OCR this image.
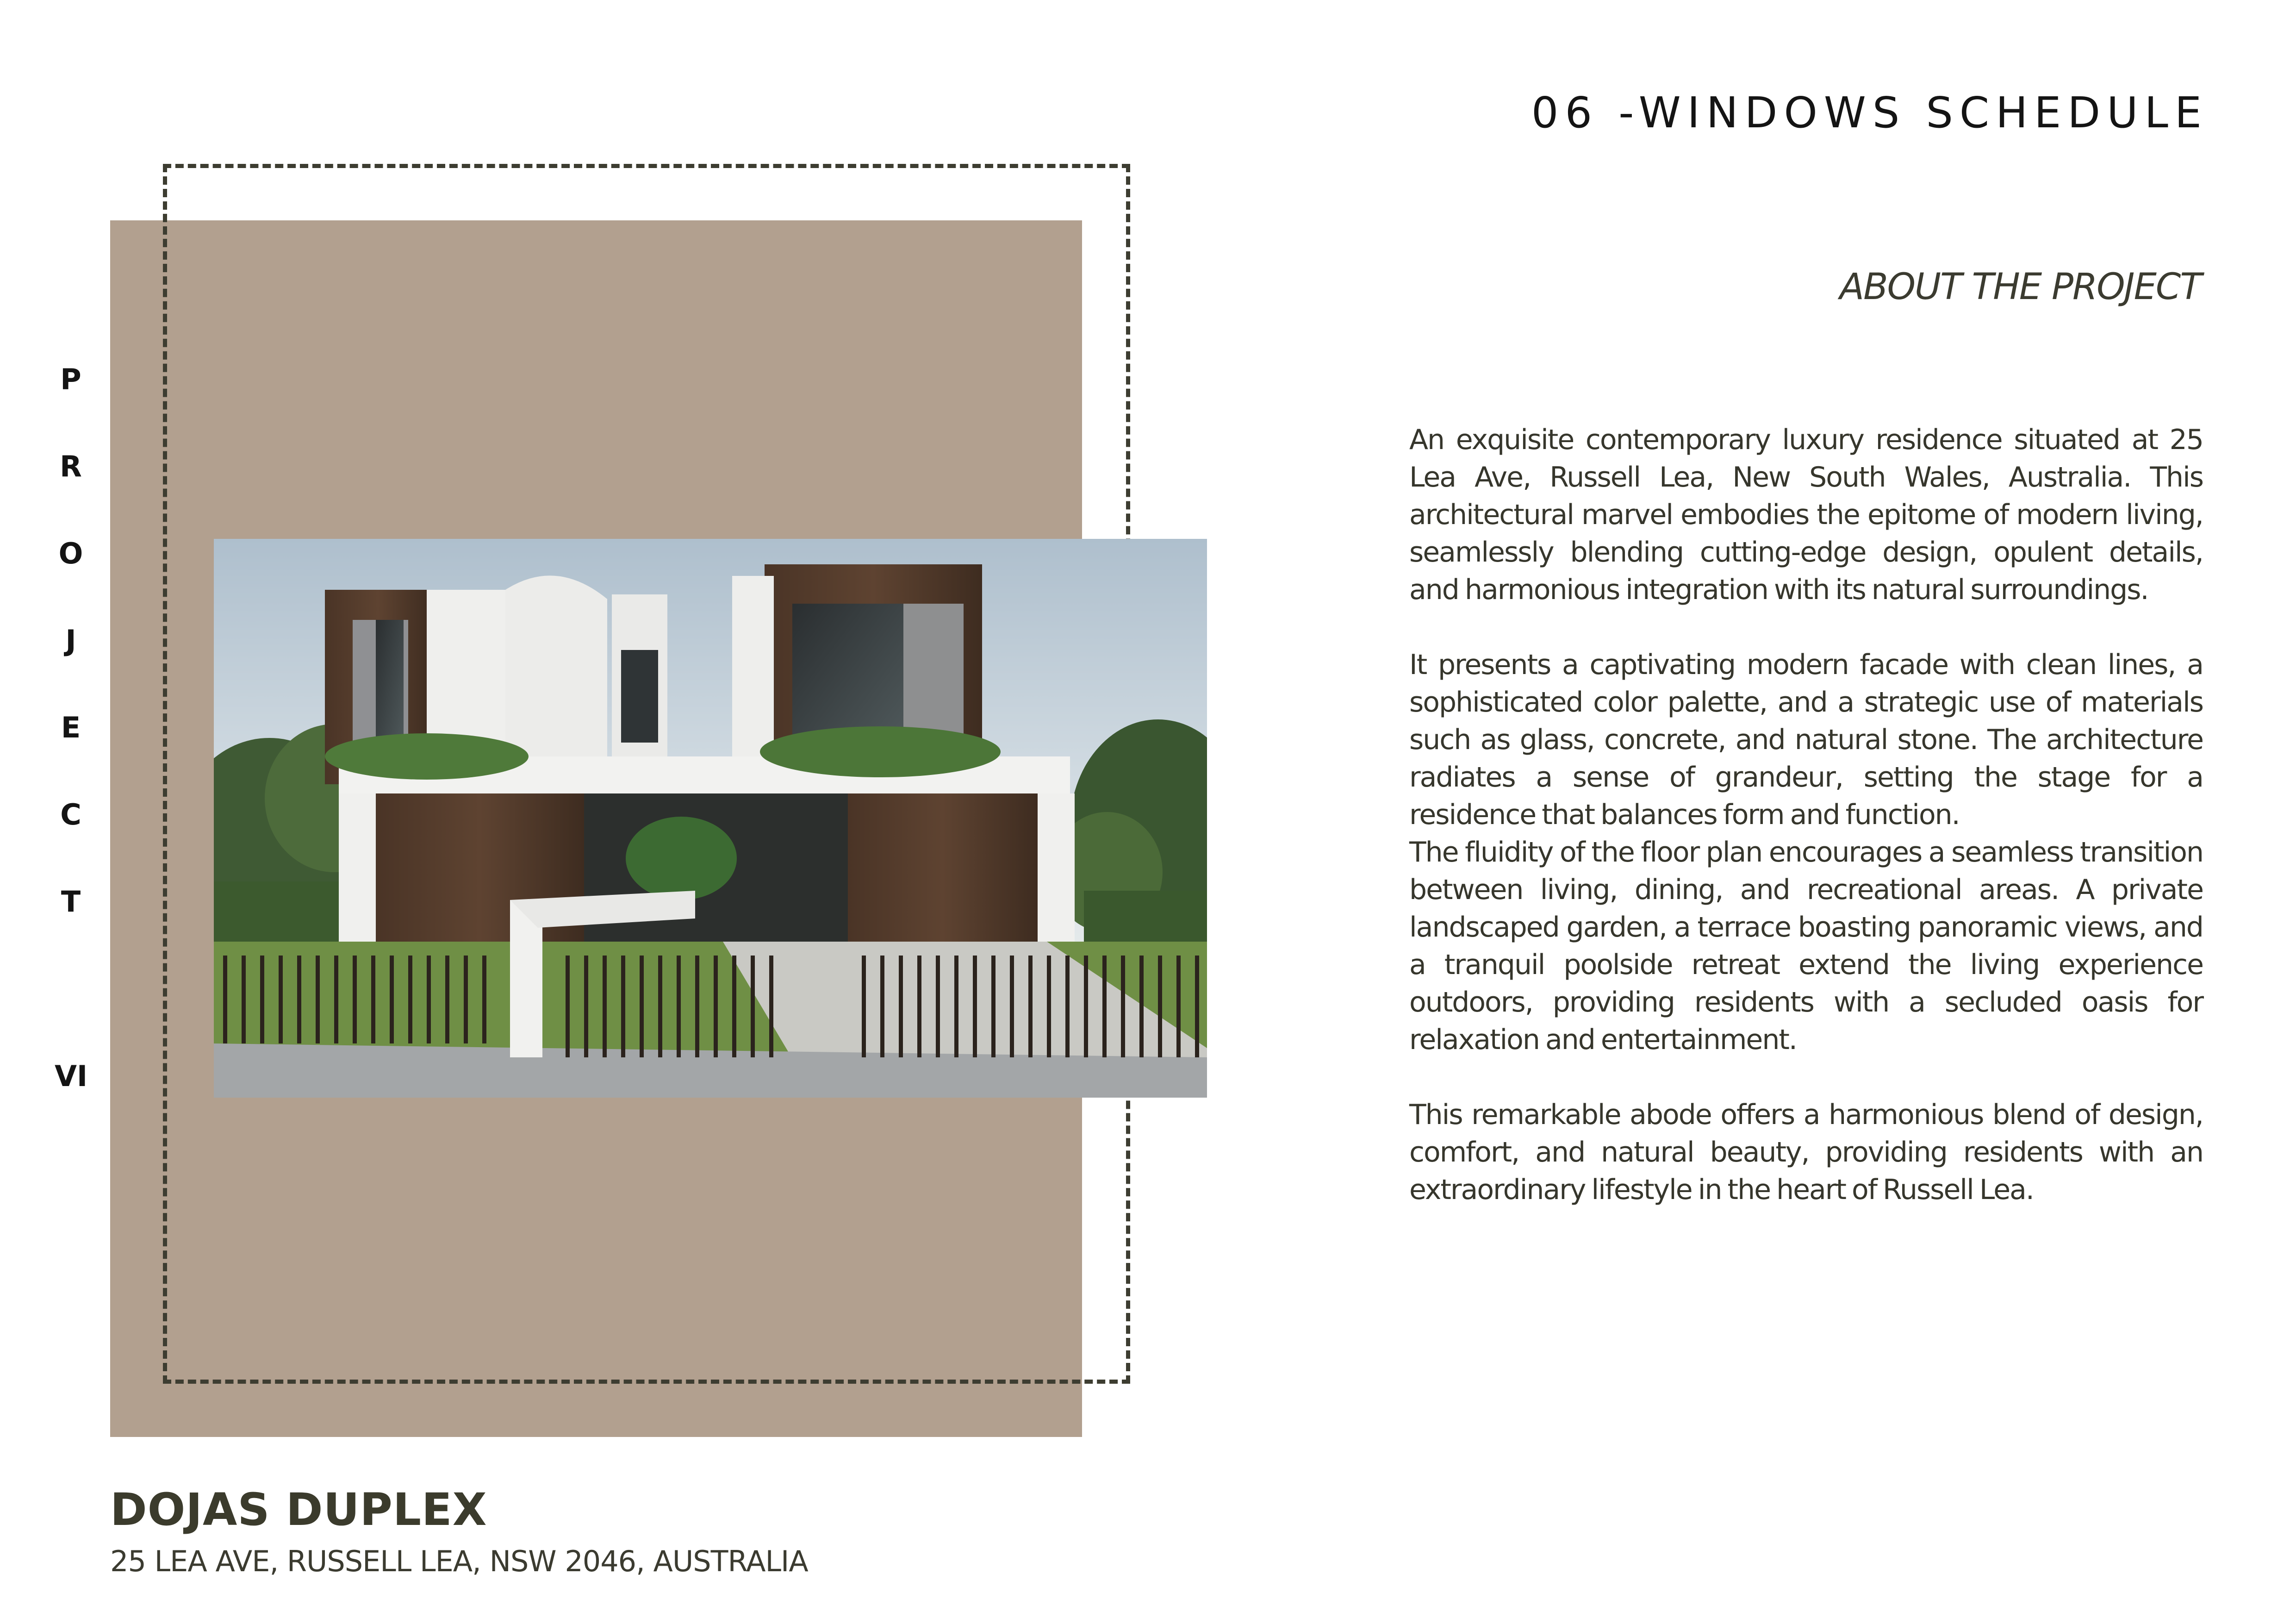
06 -WINDOWS SCHEDULE
ABOUT THE PROJECT
P
R
O
J
E
C
T
VI

An exquisite contemporary luxury residence situated at 25 Lea Ave, Russell Lea, New South Wales, Australia. This architectural marvel embodies the epitome of modern living, seamlessly blending cutting-edge design, opulent details, and harmonious integration with its natural surroundings.

It presents a captivating modern facade with clean lines, a sophisticated color palette, and a strategic use of materials such as glass, concrete, and natural stone. The architecture radiates a sense of grandeur, setting the stage for a residence that balances form and function.

The fluidity of the floor plan encourages a seamless transition between living, dining, and recreational areas. A private landscaped garden, a terrace boasting panoramic views, and a tranquil poolside retreat extend the living experience outdoors, providing residents with a secluded oasis for relaxation and entertainment.

This remarkable abode offers a harmonious blend of design, comfort, and natural beauty, providing residents with an extraordinary lifestyle in the heart of Russell Lea.

DOJAS DUPLEX

25 LEA AVE, RUSSELL LEA, NSW 2046, AUSTRALIA
